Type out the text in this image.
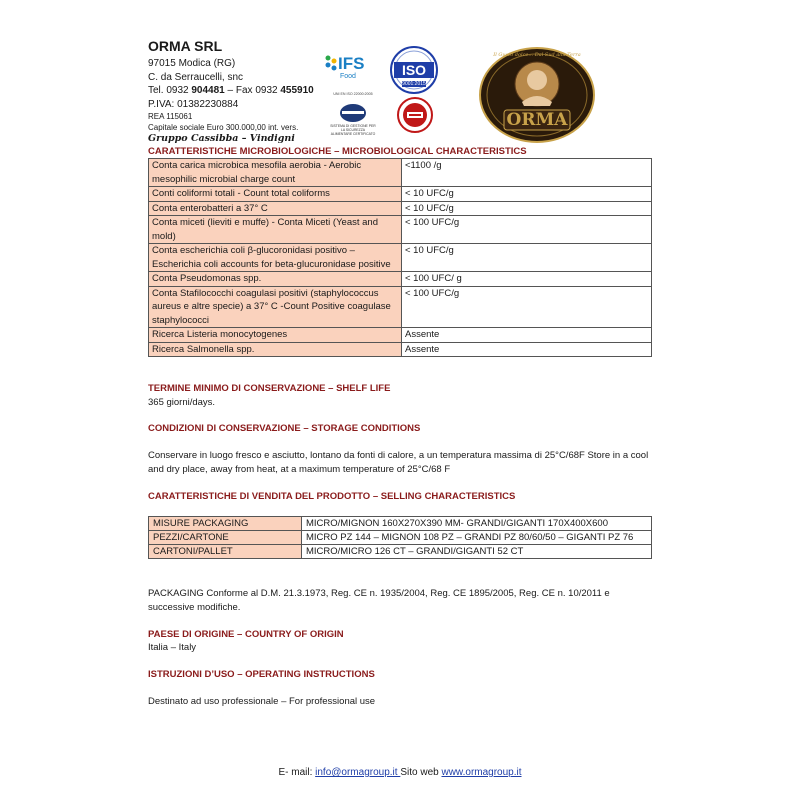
ORMA SRL
97015 Modica (RG)
C. da Serraucelli, snc
Tel. 0932 904481 – Fax 0932 455910
P.IVA: 01382230884
REA 115061
Capitale sociale Euro 300.000,00 int. vers.
Gruppo Cassibba – Vindigni
IFS
Food	ISO
9001:2015
UNI EN ISO 22000:2005
SISTEMA DI GESTIONE PER LA SICUREZZA ALIMENTARE CERTIFICATO
ORMA
Il Gusto dolce... Dal Sud alla Terra
CARATTERISTICHE MICROBIOLOGICHE – MICROBIOLOGICAL CHARACTERISTICS
Conta carica microbica mesofila aerobia - Aerobic mesophilic microbial charge count	<1100 /g
Conti coliformi totali - Count total coliforms	< 10 UFC/g
Conta enterobatteri a 37° C	< 10 UFC/g
Conta miceti (lieviti e muffe) - Conta Miceti (Yeast and mold)	< 100 UFC/g
Conta escherichia coli β-glucoronidasi positivo – Escherichia coli accounts for beta-glucuronidase positive	< 10 UFC/g
Conta Pseudomonas spp.	< 100 UFC/ g
Conta Stafilococchi coagulasi positivi (staphylococcus aureus e altre specie) a 37° C -Count Positive coagulase staphylococci	< 100 UFC/g
Ricerca Listeria monocytogenes	Assente
Ricerca Salmonella spp.	Assente
TERMINE MINIMO DI CONSERVAZIONE – SHELF LIFE
365 giorni/days.
CONDIZIONI DI CONSERVAZIONE – STORAGE CONDITIONS
Conservare in luogo fresco e asciutto, lontano da fonti di calore, a un temperatura massima di 25°C/68F Store in a cool and dry place, away from heat, at a maximum temperature of 25°C/68 F
CARATTERISTICHE DI VENDITA DEL PRODOTTO – SELLING CHARACTERISTICS
MISURE PACKAGING	MICRO/MIGNON 160X270X390 MM- GRANDI/GIGANTI 170X400X600
PEZZI/CARTONE	MICRO PZ 144 – MIGNON 108 PZ – GRANDI PZ 80/60/50 – GIGANTI PZ 76
CARTONI/PALLET	MICRO/MICRO 126 CT – GRANDI/GIGANTI 52 CT
PACKAGING Conforme al D.M. 21.3.1973, Reg. CE n. 1935/2004, Reg. CE 1895/2005, Reg. CE n. 10/2011 e successive modifiche.
PAESE DI ORIGINE – COUNTRY OF ORIGIN
Italia – Italy
ISTRUZIONI D’USO – OPERATING INSTRUCTIONS
Destinato ad uso professionale – For professional use
E- mail: info@ormagroup.it Sito web www.ormagroup.it
